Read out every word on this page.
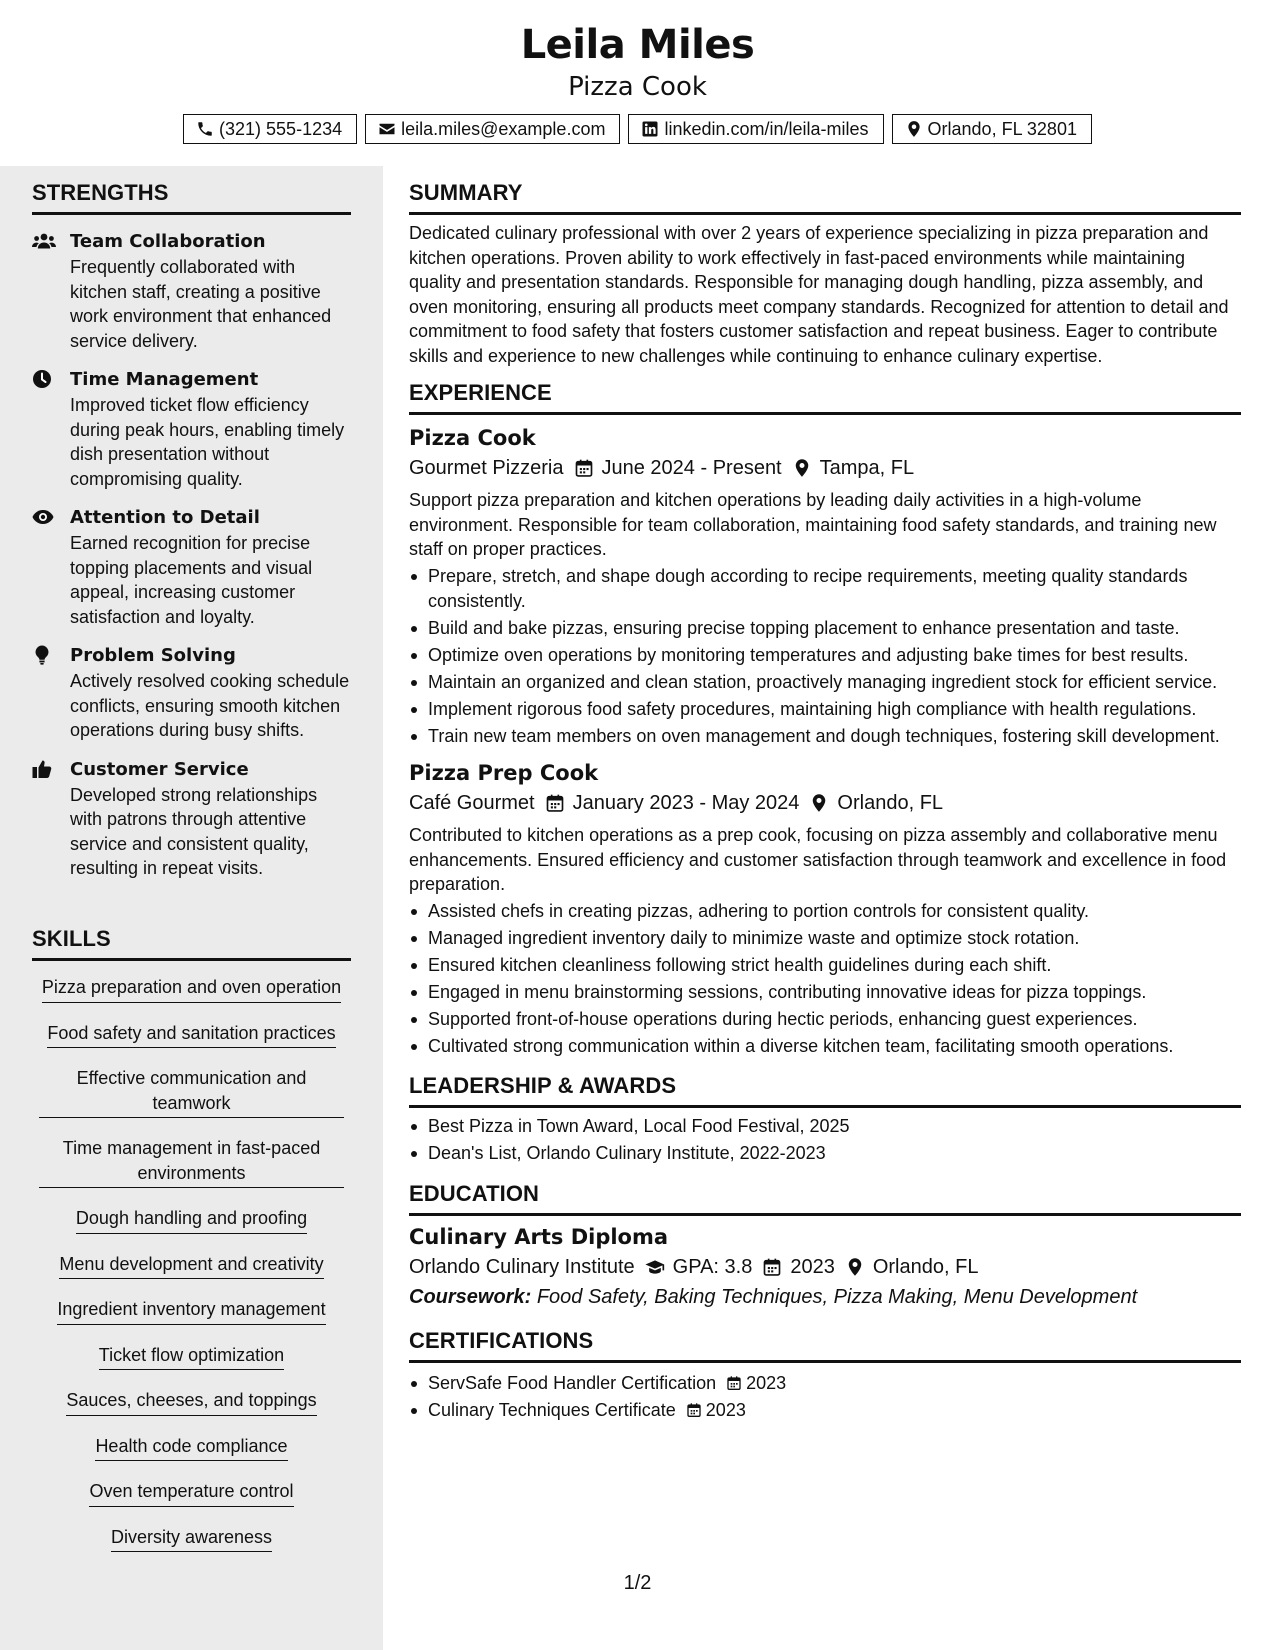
Leila Miles
Pizza Cook
(321) 555-1234	leila.miles@example.com	linkedin.com/in/leila-miles	Orlando, FL 32801
STRENGTHS
Team Collaboration
Frequently collaborated with kitchen staff, creating a positive work environment that enhanced service delivery.
Time Management
Improved ticket flow efficiency during peak hours, enabling timely dish presentation without compromising quality.
Attention to Detail
Earned recognition for precise topping placements and visual appeal, increasing customer satisfaction and loyalty.
Problem Solving
Actively resolved cooking schedule conflicts, ensuring smooth kitchen operations during busy shifts.
Customer Service
Developed strong relationships with patrons through attentive service and consistent quality, resulting in repeat visits.
SKILLS
Pizza preparation and oven operation
Food safety and sanitation practices
Effective communication and teamwork
Time management in fast-paced environments
Dough handling and proofing
Menu development and creativity
Ingredient inventory management
Ticket flow optimization
Sauces, cheeses, and toppings
Health code compliance
Oven temperature control
Diversity awareness
SUMMARY

Dedicated culinary professional with over 2 years of experience specializing in pizza preparation and kitchen operations. Proven ability to work effectively in fast-paced environments while maintaining quality and presentation standards. Responsible for managing dough handling, pizza assembly, and oven monitoring, ensuring all products meet company standards. Recognized for attention to detail and commitment to food safety that fosters customer satisfaction and repeat business. Eager to contribute skills and experience to new challenges while continuing to enhance culinary expertise.

EXPERIENCE
Pizza Cook
Gourmet Pizzeria June 2024 - Present Tampa, FL

Support pizza preparation and kitchen operations by leading daily activities in a high-volume environment. Responsible for team collaboration, maintaining food safety standards, and training new staff on proper practices.

Prepare, stretch, and shape dough according to recipe requirements, meeting quality standards consistently.
Build and bake pizzas, ensuring precise topping placement to enhance presentation and taste.
Optimize oven operations by monitoring temperatures and adjusting bake times for best results.
Maintain an organized and clean station, proactively managing ingredient stock for efficient service.
Implement rigorous food safety procedures, maintaining high compliance with health regulations.
Train new team members on oven management and dough techniques, fostering skill development.
Pizza Prep Cook
Café Gourmet January 2023 - May 2024 Orlando, FL

Contributed to kitchen operations as a prep cook, focusing on pizza assembly and collaborative menu enhancements. Ensured efficiency and customer satisfaction through teamwork and excellence in food preparation.

Assisted chefs in creating pizzas, adhering to portion controls for consistent quality.
Managed ingredient inventory daily to minimize waste and optimize stock rotation.
Ensured kitchen cleanliness following strict health guidelines during each shift.
Engaged in menu brainstorming sessions, contributing innovative ideas for pizza toppings.
Supported front-of-house operations during hectic periods, enhancing guest experiences.
Cultivated strong communication within a diverse kitchen team, facilitating smooth operations.
LEADERSHIP & AWARDS
Best Pizza in Town Award, Local Food Festival, 2025
Dean's List, Orlando Culinary Institute, 2022-2023
EDUCATION
Culinary Arts Diploma
Orlando Culinary Institute GPA: 3.8 2023 Orlando, FL
Coursework: Food Safety, Baking Techniques, Pizza Making, Menu Development
CERTIFICATIONS
ServSafe Food Handler Certification 2023
Culinary Techniques Certificate 2023
1/2
